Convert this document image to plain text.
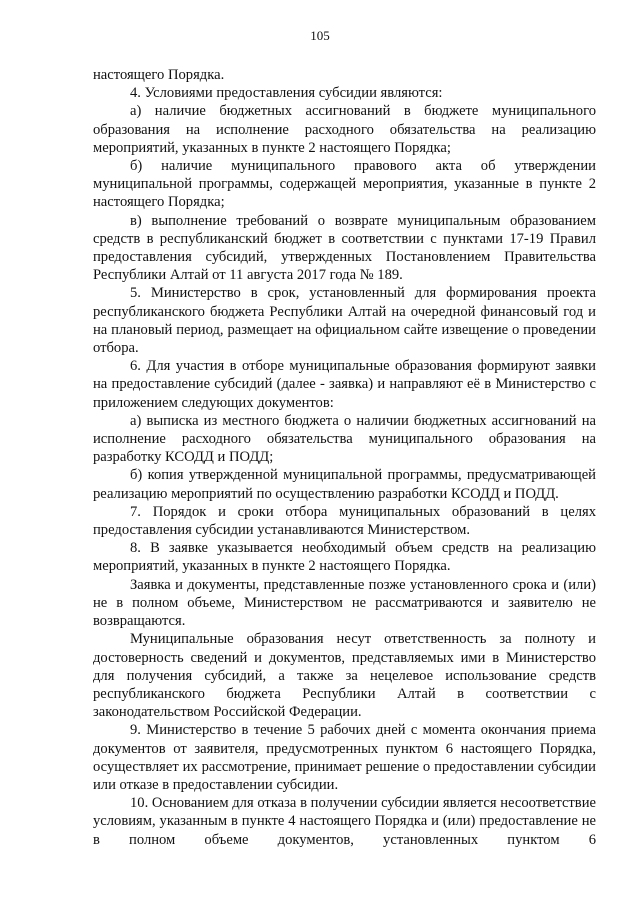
105

настоящего Порядка.

4. Условиями предоставления субсидии являются:

а) наличие бюджетных ассигнований в бюджете муниципального образования на исполнение расходного обязательства на реализацию мероприятий, указанных в пункте 2 настоящего Порядка;

б) наличие муниципального правового акта об утверждении муниципальной программы, содержащей мероприятия, указанные в пункте 2 настоящего Порядка;

в) выполнение требований о возврате муниципальным образованием средств в республиканский бюджет в соответствии с пунктами 17-19 Правил предоставления субсидий, утвержденных Постановлением Правительства Республики Алтай от 11 августа 2017 года № 189.

5. Министерство в срок, установленный для формирования проекта республиканского бюджета Республики Алтай на очередной финансовый год и на плановый период, размещает на официальном сайте извещение о проведении отбора.

6. Для участия в отборе муниципальные образования формируют заявки на предоставление субсидий (далее - заявка) и направляют её в Министерство с приложением следующих документов:

а) выписка из местного бюджета о наличии бюджетных ассигнований на исполнение расходного обязательства муниципального образования на разработку КСОДД и ПОДД;

б) копия утвержденной муниципальной программы, предусматривающей реализацию мероприятий по осуществлению разработки КСОДД и ПОДД.

7. Порядок и сроки отбора муниципальных образований в целях предоставления субсидии устанавливаются Министерством.

8. В заявке указывается необходимый объем средств на реализацию мероприятий, указанных в пункте 2 настоящего Порядка.

Заявка и документы, представленные позже установленного срока и (или) не в полном объеме, Министерством не рассматриваются и заявителю не возвращаются.

Муниципальные образования несут ответственность за полноту и достоверность сведений и документов, представляемых ими в Министерство для получения субсидий, а также за нецелевое использование средств республиканского бюджета Республики Алтай в соответствии с законодательством Российской Федерации.

9. Министерство в течение 5 рабочих дней с момента окончания приема документов от заявителя, предусмотренных пунктом 6 настоящего Порядка, осуществляет их рассмотрение, принимает решение о предоставлении субсидии или отказе в предоставлении субсидии.

10. Основанием для отказа в получении субсидии является несоответствие условиям, указанным в пункте 4 настоящего Порядка и (или) предоставление не в полном объеме документов, установленных пунктом 6
